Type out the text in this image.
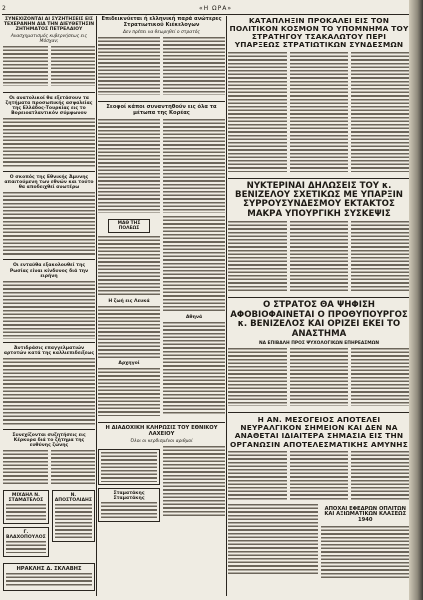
2	«Η ΩΡΑ»
ΣΥΝΕΧΙΖΟΝΤΑΙ ΑΙ ΣΥΖΗΤΗΣΕΙΣ ΕΙΣ ΤΕΧΕΡΑΝΗΝ ΔΙΑ ΤΗΝ ΔΙΕΥΘΕΤΗΣΙΝ ΖΗΤΗΜΑΤΟΣ ΠΕΤΡΕΛΑΙΟΥ
Ανασχηματισμός κυβερνήσεως εις Μόσχαν;
Οι ανατολικοί θα εξετάσουν τα ζητήματα προσωπικής ασφαλείας της Ελλάδος-Τουρκίας εις το Βορειοατλαντικόν σύμφωνον
Ο σκοπός της Εθνικής Άμυνης απαιτούμενη των εθνών και τούτο θα αποδειχθεί ανωτέρω
Οι ενταύθα εξακολουθεί της Ρωσίας είναι κίνδυνος διά την ειρήνη
Άντιδράσις επαγγελματιών αρτοτών κατά της καλλιεπιδειξεως
Συνεχίζονται συζητήσεις εις Κέρκυρα διά το ζήτημα της ευθύνης ζώνης
ΜΙΧΑΗΛ Ν. ΣΤΑΜΑΤΕΛΟΣ
Γ. ΒΛΑΧΟΠΟΥΛΟΣ
Ν. ΑΠΟΣΤΟΛΙΔΗΣ
ΗΡΑΚΛΗΣ Δ. ΣΚΛΑΒΗΣ
Επιδεικνύεται ή ελληνική παρά ανώτερες Στρατιωτικού Κιέκελογων
Δεν πρέπει να θεωρηθεί ο στρατός
Σεοφοί κάποι συναντηθούν εις όλα τα μέτωπα της Κορέας
ΜΑΘ ΤΗΣ ΠΟΛΕΩΣ
Η ζωή εις Λευκά
Αρχηγοί
Αθηνά
Η ΔΙΑΔΟΧΙΚΗ ΚΛΗΡΩΣΙΣ ΤΟΥ ΕΘΝΙΚΟΥ ΛΑΧΕΙΟΥ
Όλοι οι κερδισμένοι αριθμοί
Σταματάκης Σταματάκης
ΚΑΤΑΠΛΗΞΙΝ ΠΡΟΚΑΛΕΙ ΕΙΣ ΤΟΝ ΠΟΛΙΤΙΚΟΝ ΚΟΣΜΟΝ ΤΟ ΥΠΟΜΝΗΜΑ ΤΟΥ ΣΤΡΑΤΗΓΟΥ ΤΣΑΚΑΛΩΤΟΥ ΠΕΡΙ ΥΠΑΡΞΕΩΣ ΣΤΡΑΤΙΩΤΙΚΩΝ ΣΥΝΔΕΣΜΩΝ
ΝΥΚΤΕΡΙΝΑΙ ΔΗΛΩΣΕΙΣ ΤΟΥ κ. ΒΕΝΙΖΕΛΟΥ ΣΧΕΤΙΚΩΣ ΜΕ ΥΠΑΡΞΙΝ ΣΥΡΡΟΥΣΥΝΔΕΣΜΟΥ ΕΚΤΑΚΤΟΣ ΜΑΚΡΑ ΥΠΟΥΡΓΙΚΗ ΣΥΣΚΕΨΙΣ
Ο ΣΤΡΑΤΟΣ ΘΑ ΨΗΦΙΣΗ ΑΦΟΒΙΟΦΑΙΝΕΤΑΙ Ο ΠΡΟΘΥΠΟΥΡΓΟΣ κ. ΒΕΝΙΖΕΛΟΣ ΚΑΙ ΟΡΙΖΕΙ ΕΚΕΙ ΤΟ ΑΝΑΣΤΗΜΑ
ΝΑ ΕΠΙΒΑΛΗ ΠΡΟΣ ΨΥΧΟΛΟΓΙΚΩΝ ΕΠΗΡΕΑΣΜΩΝ
Η ΑΝ. ΜΕΣΟΓΕΙΟΣ ΑΠΟΤΕΛΕΙ ΝΕΥΡΑΛΓΙΚΟΝ ΣΗΜΕΙΟΝ ΚΑΙ ΔΕΝ ΝΑ ΑΝΑΘΕΤΑΙ ΙΔΙΑΙΤΕΡΑ ΣΗΜΑΣΙΑ ΕΙΣ ΤΗΝ ΟΡΓΑΝΩΣΙΝ ΑΠΟΤΕΛΕΣΜΑΤΙΚΗΣ ΑΜΥΝΗΣ
ΑΠΟΧΑΙ ΕΦΕΔΡΩΝ ΟΠΛΙΤΩΝ ΚΑΙ ΑΞΙΩΜΑΤΙΚΩΝ ΚΛΑΣΕΩΣ 1940
